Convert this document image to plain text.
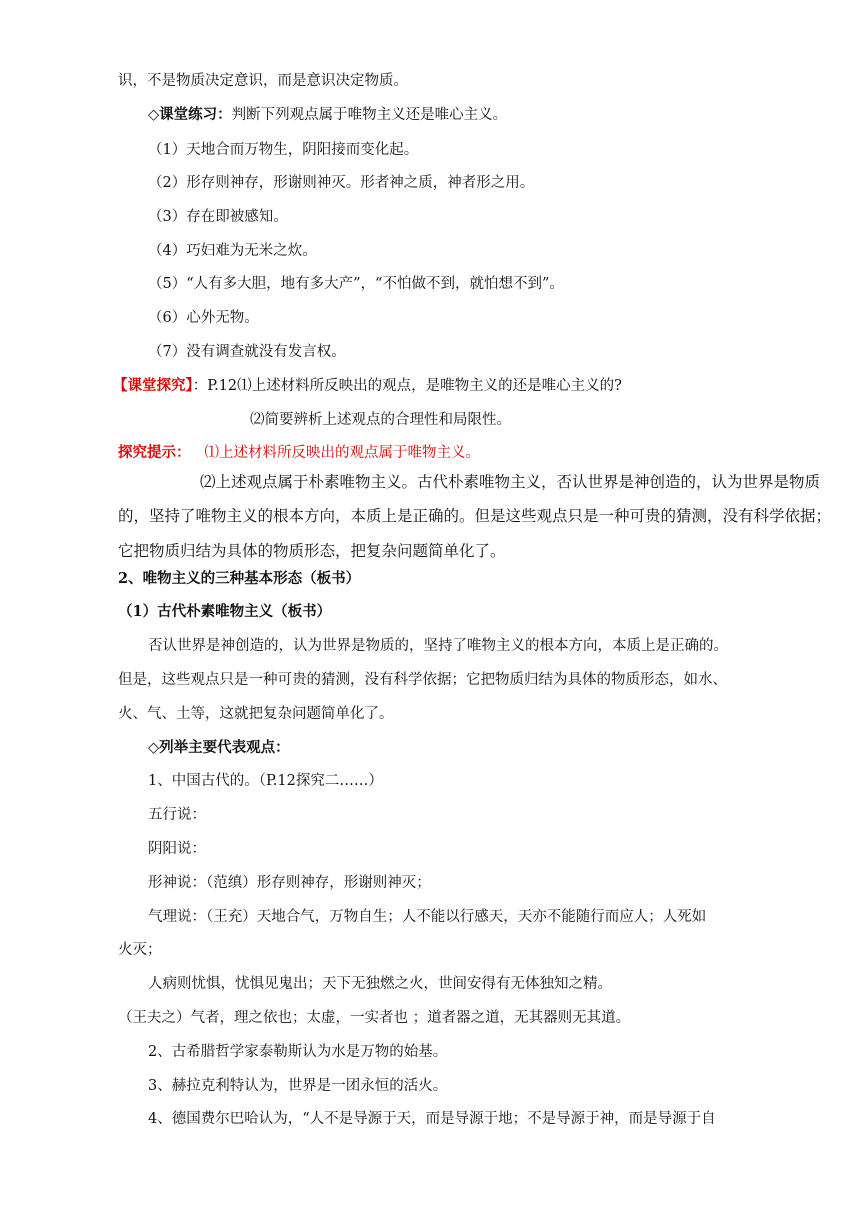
识，不是物质决定意识，而是意识决定物质。
◇课堂练习：判断下列观点属于唯物主义还是唯心主义。
（1）天地合而万物生，阴阳接而变化起。
（2）形存则神存，形谢则神灭。形者神之质，神者形之用。
（3）存在即被感知。
（4）巧妇难为无米之炊。
（5）“人有多大胆，地有多大产”，“不怕做不到，就怕想不到”。
（6）心外无物。
（7）没有调查就没有发言权。
【课堂探究】：P.12⑴上述材料所反映出的观点，是唯物主义的还是唯心主义的?
⑵简要辨析上述观点的合理性和局限性。
探究提示： ⑴上述材料所反映出的观点属于唯物主义。
⑵上述观点属于朴素唯物主义。古代朴素唯物主义，否认世界是神创造的，认为世界是物质
的，坚持了唯物主义的根本方向，本质上是正确的。但是这些观点只是一种可贵的猜测，没有科学依据；
它把物质归结为具体的物质形态，把复杂问题简单化了。
2、唯物主义的三种基本形态（板书）
（1）古代朴素唯物主义（板书）
否认世界是神创造的，认为世界是物质的，坚持了唯物主义的根本方向，本质上是正确的。
但是，这些观点只是一种可贵的猜测，没有科学依据；它把物质归结为具体的物质形态，如水、
火、气、土等，这就把复杂问题简单化了。
◇列举主要代表观点：
1、中国古代的。（P.12探究二……）
五行说：
阴阳说：
形神说：（范缜）形存则神存，形谢则神灭；
气理说：（王充）天地合气，万物自生；人不能以行感天，天亦不能随行而应人；人死如
火灭；
人病则忧惧，忧惧见鬼出；天下无独燃之火，世间安得有无体独知之精。
（王夫之）气者，理之依也；太虚，一实者也 ；道者器之道，无其器则无其道。
2、古希腊哲学家泰勒斯认为水是万物的始基。
3、赫拉克利特认为，世界是一团永恒的活火。
4、德国费尔巴哈认为，“人不是导源于天，而是导源于地；不是导源于神，而是导源于自
